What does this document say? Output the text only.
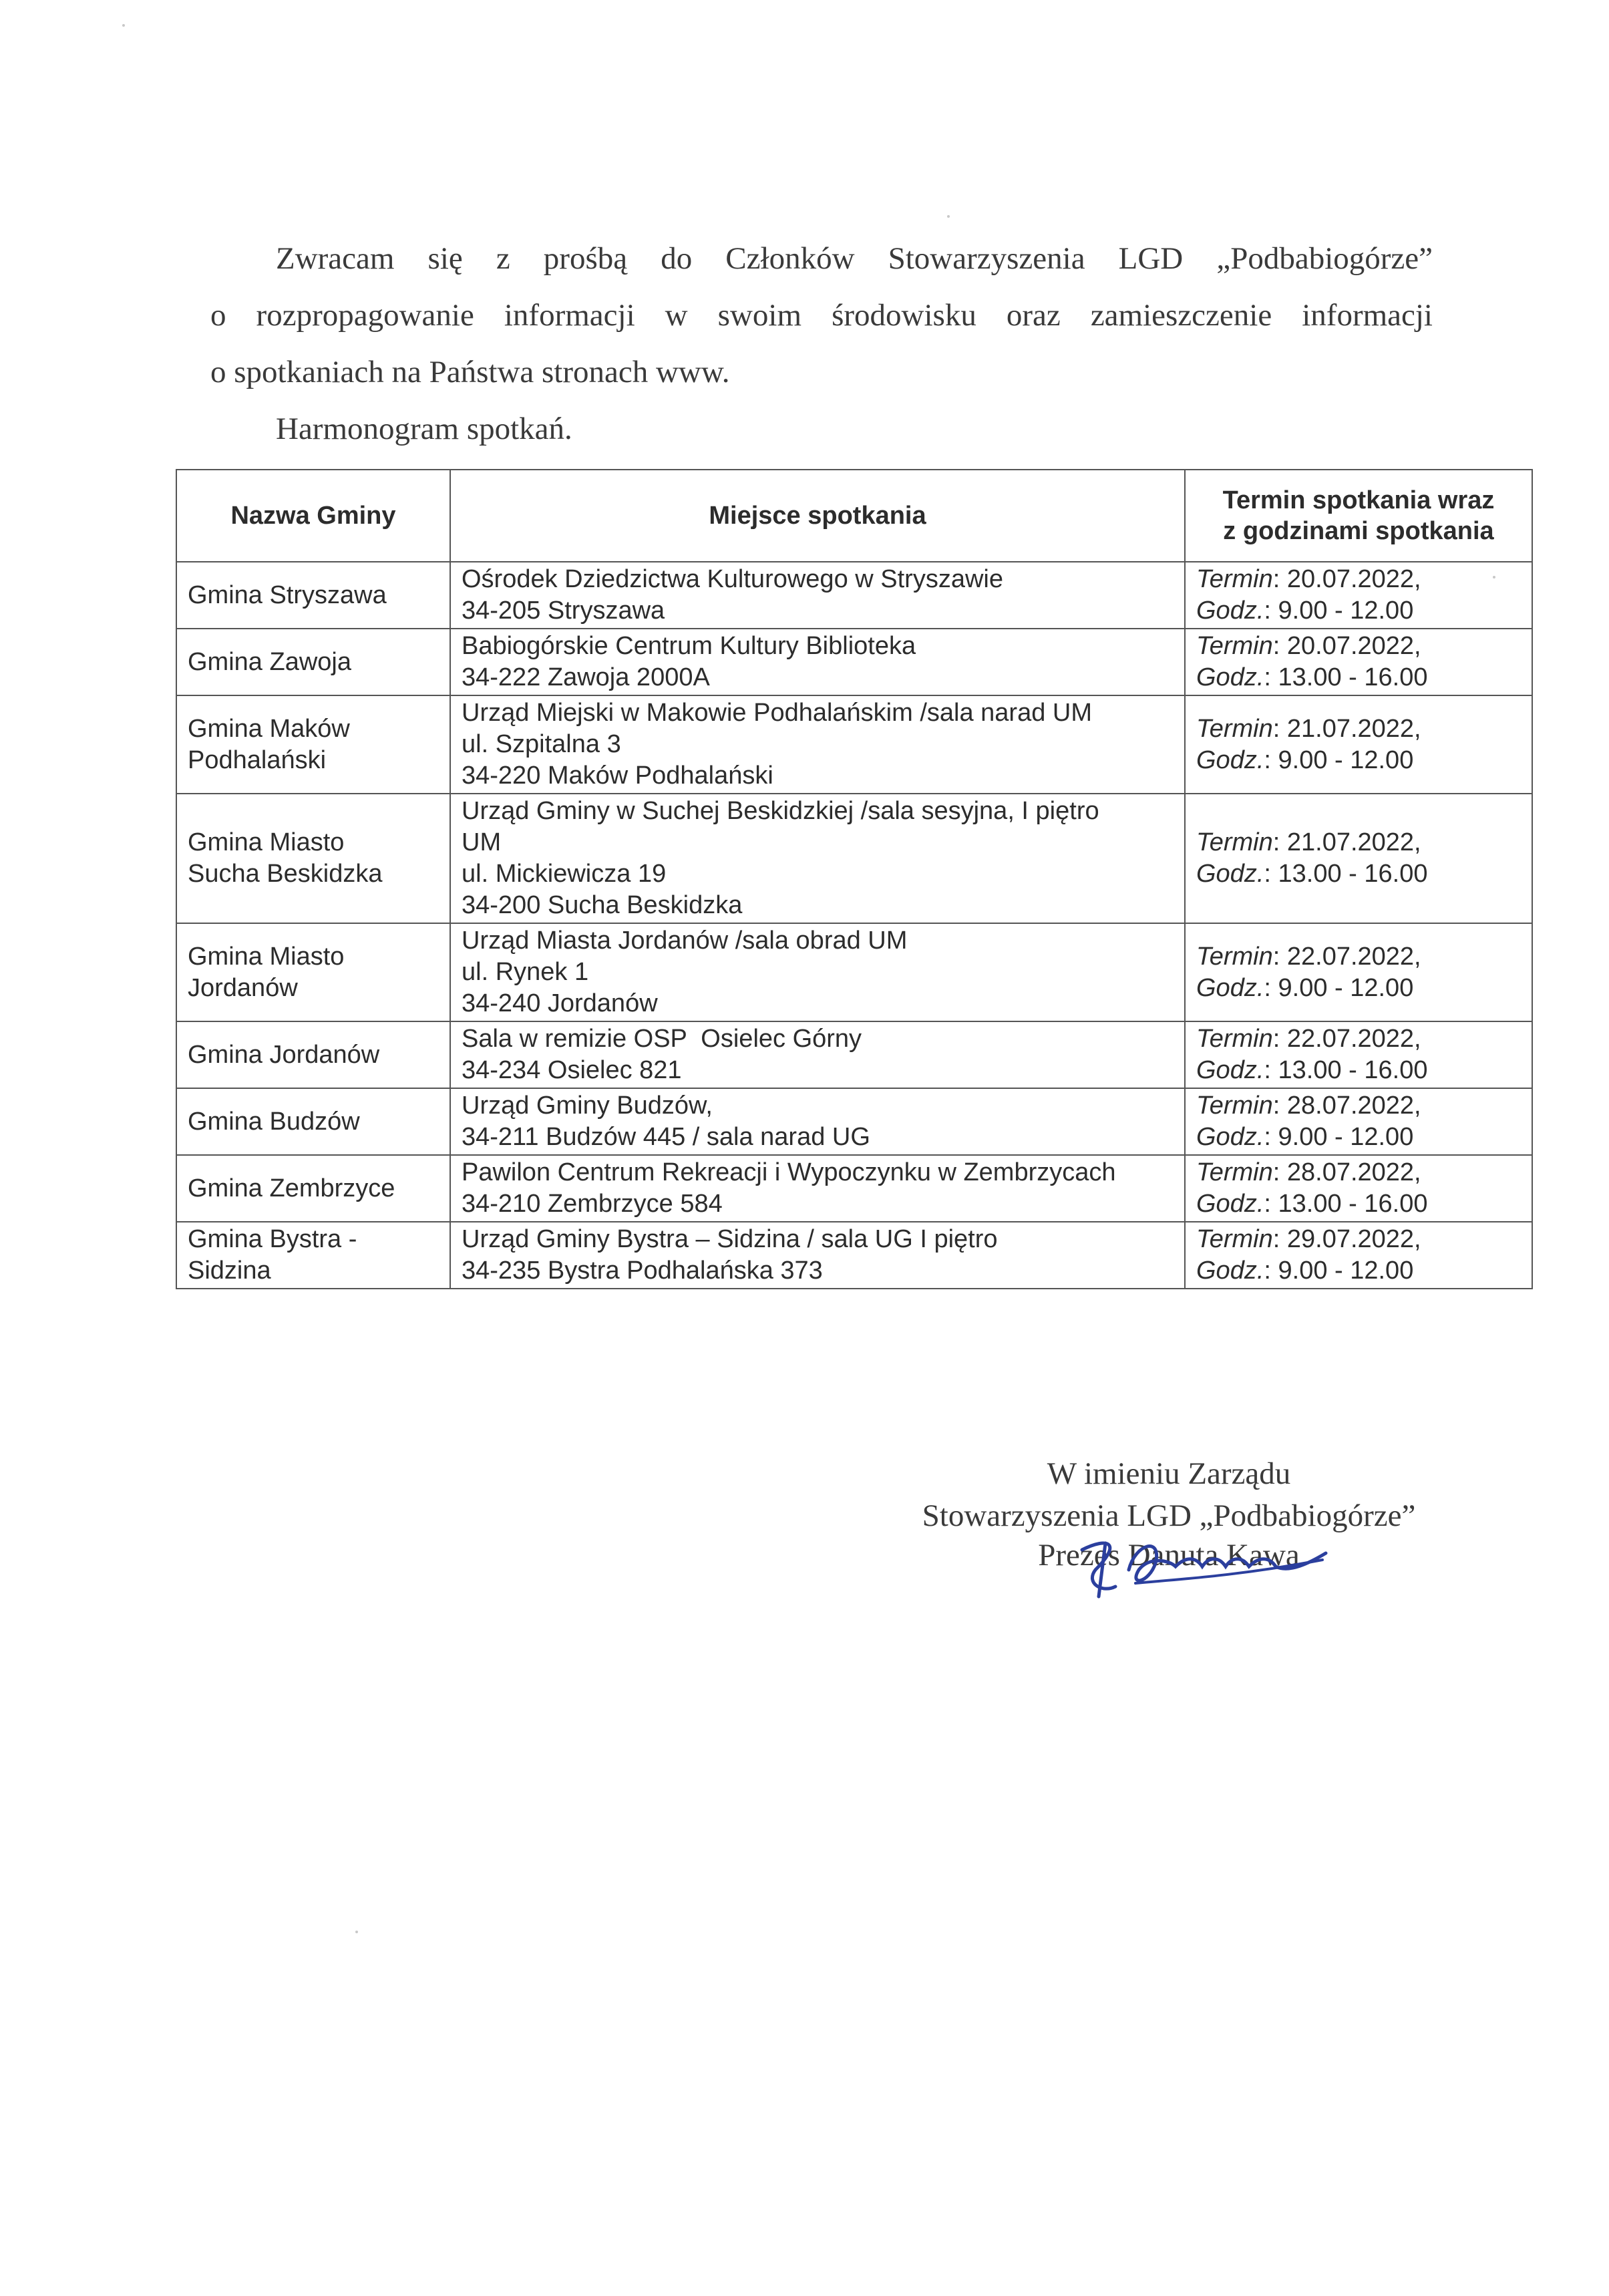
Zwracam się z prośbą do Członków Stowarzyszenia LGD „Podbabiogórze”

o rozpropagowanie informacji w swoim środowisku oraz zamieszczenie informacji

o spotkaniach na Państwa stronach www.

Harmonogram spotkań.

Nazwa Gminy	Miejsce spotkania	Termin spotkania wraz
z godzinami spotkania

Gmina Stryszawa	Ośrodek Dziedzictwa Kulturowego w Stryszawie
34-205 Stryszawa	Termin: 20.07.2022,
Godz.: 9.00 - 12.00

Gmina Zawoja	Babiogórskie Centrum Kultury Biblioteka
34-222 Zawoja 2000A	Termin: 20.07.2022,
Godz.: 13.00 - 16.00

Gmina Maków
Podhalański	Urząd Miejski w Makowie Podhalańskim /sala narad UM
ul. Szpitalna 3
34-220 Maków Podhalański	Termin: 21.07.2022,
Godz.: 9.00 - 12.00

Gmina Miasto
Sucha Beskidzka	Urząd Gminy w Suchej Beskidzkiej /sala sesyjna, I piętro
UM
ul. Mickiewicza 19
34-200 Sucha Beskidzka	Termin: 21.07.2022,
Godz.: 13.00 - 16.00

Gmina Miasto
Jordanów	Urząd Miasta Jordanów /sala obrad UM
ul. Rynek 1
34-240 Jordanów	Termin: 22.07.2022,
Godz.: 9.00 - 12.00

Gmina Jordanów	Sala w remizie OSP  Osielec Górny
34-234 Osielec 821	Termin: 22.07.2022,
Godz.: 13.00 - 16.00

Gmina Budzów	Urząd Gminy Budzów,
34-211 Budzów 445 / sala narad UG	Termin: 28.07.2022,
Godz.: 9.00 - 12.00

Gmina Zembrzyce	Pawilon Centrum Rekreacji i Wypoczynku w Zembrzycach
34-210 Zembrzyce 584	Termin: 28.07.2022,
Godz.: 13.00 - 16.00

Gmina Bystra -
Sidzina	Urząd Gminy Bystra – Sidzina / sala UG I piętro
34-235 Bystra Podhalańska 373	Termin: 29.07.2022,
Godz.: 9.00 - 12.00
W imieniu Zarządu
Stowarzyszenia LGD „Podbabiogórze”
Prezes Danuta Kawa
